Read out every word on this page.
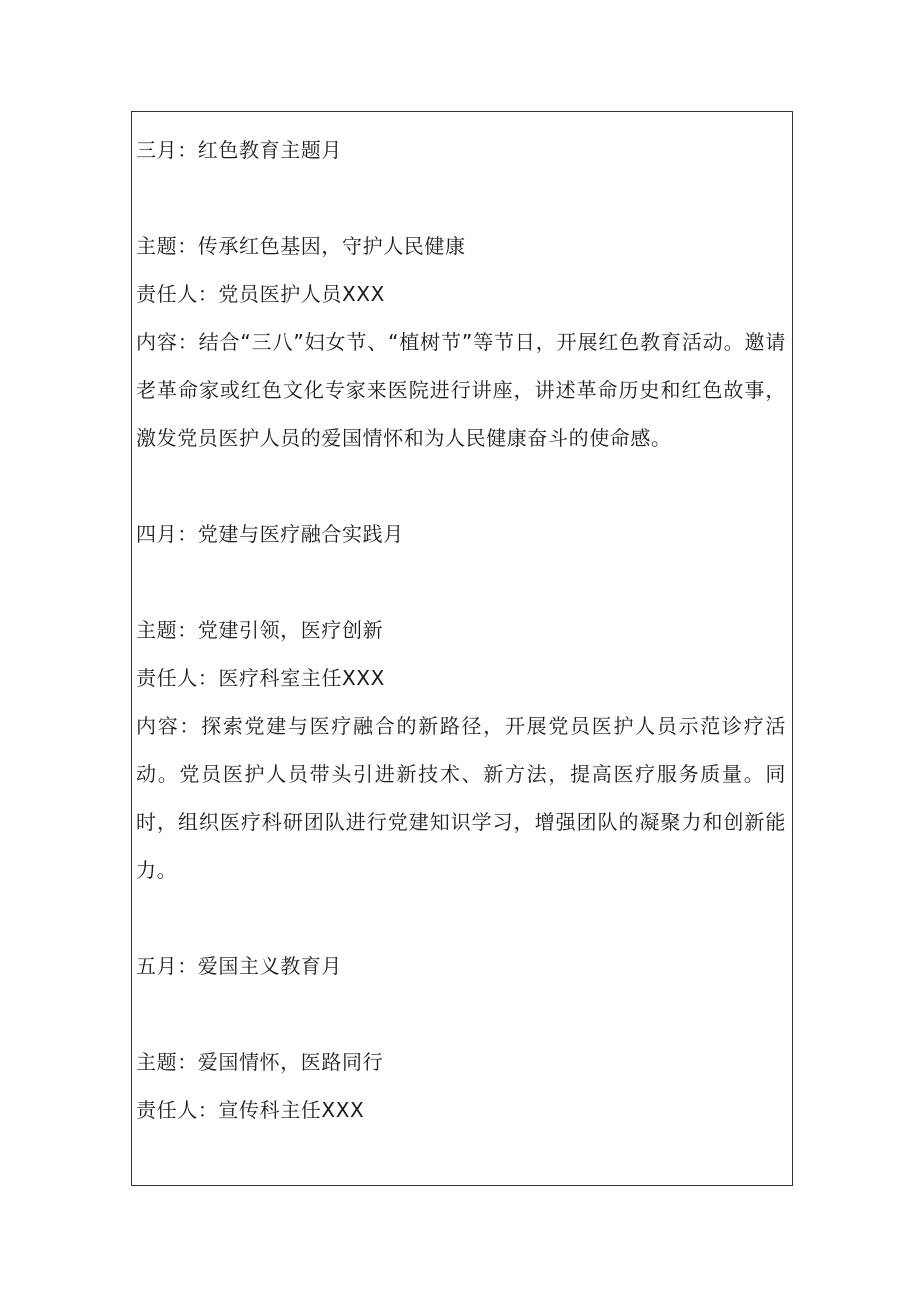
三月：红色教育主题月

主题：传承红色基因，守护人民健康

责任人：党员医护人员XXX

内容：结合“三八”妇女节、“植树节”等节日，开展红色教育活动。邀请老革命家或红色文化专家来医院进行讲座，讲述革命历史和红色故事，激发党员医护人员的爱国情怀和为人民健康奋斗的使命感。

四月：党建与医疗融合实践月

主题：党建引领，医疗创新

责任人：医疗科室主任XXX

内容：探索党建与医疗融合的新路径，开展党员医护人员示范诊疗活动。党员医护人员带头引进新技术、新方法，提高医疗服务质量。同时，组织医疗科研团队进行党建知识学习，增强团队的凝聚力和创新能力。

五月：爱国主义教育月

主题：爱国情怀，医路同行

责任人：宣传科主任XXX
